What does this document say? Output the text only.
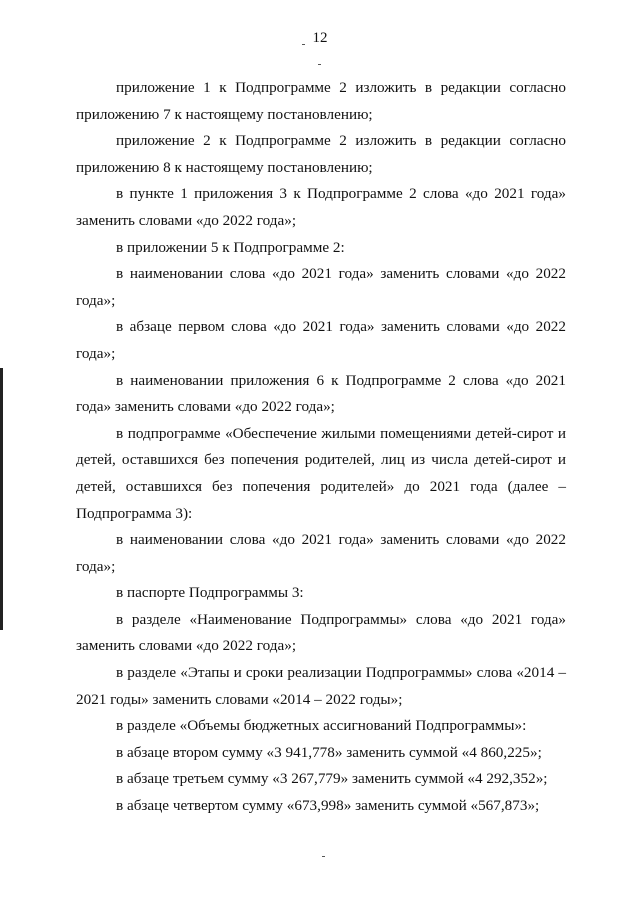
12

приложение 1 к Подпрограмме 2 изложить в редакции согласно приложению 7 к настоящему постановлению;

приложение 2 к Подпрограмме 2 изложить в редакции согласно приложению 8 к настоящему постановлению;

в пункте 1 приложения 3 к Подпрограмме 2 слова «до 2021 года» заменить словами «до 2022 года»;

в приложении 5 к Подпрограмме 2:

в наименовании слова «до 2021 года» заменить словами «до 2022 года»;

в абзаце первом слова «до 2021 года» заменить словами «до 2022 года»;

в наименовании приложения 6 к Подпрограмме 2 слова «до 2021 года» заменить словами «до 2022 года»;

в подпрограмме «Обеспечение жилыми помещениями детей-сирот и детей, оставшихся без попечения родителей, лиц из числа детей-сирот и детей, оставшихся без попечения родителей» до 2021 года (далее – Подпрограмма 3):

в наименовании слова «до 2021 года» заменить словами «до 2022 года»;

в паспорте Подпрограммы 3:

в разделе «Наименование Подпрограммы» слова «до 2021 года» заменить словами «до 2022 года»;

в разделе «Этапы и сроки реализации Подпрограммы» слова «2014 – 2021 годы» заменить словами «2014 – 2022 годы»;

в разделе «Объемы бюджетных ассигнований Подпрограммы»:

в абзаце втором сумму «3 941,778» заменить суммой «4 860,225»;

в абзаце третьем сумму «3 267,779» заменить суммой «4 292,352»;

в абзаце четвертом сумму «673,998» заменить суммой «567,873»;
